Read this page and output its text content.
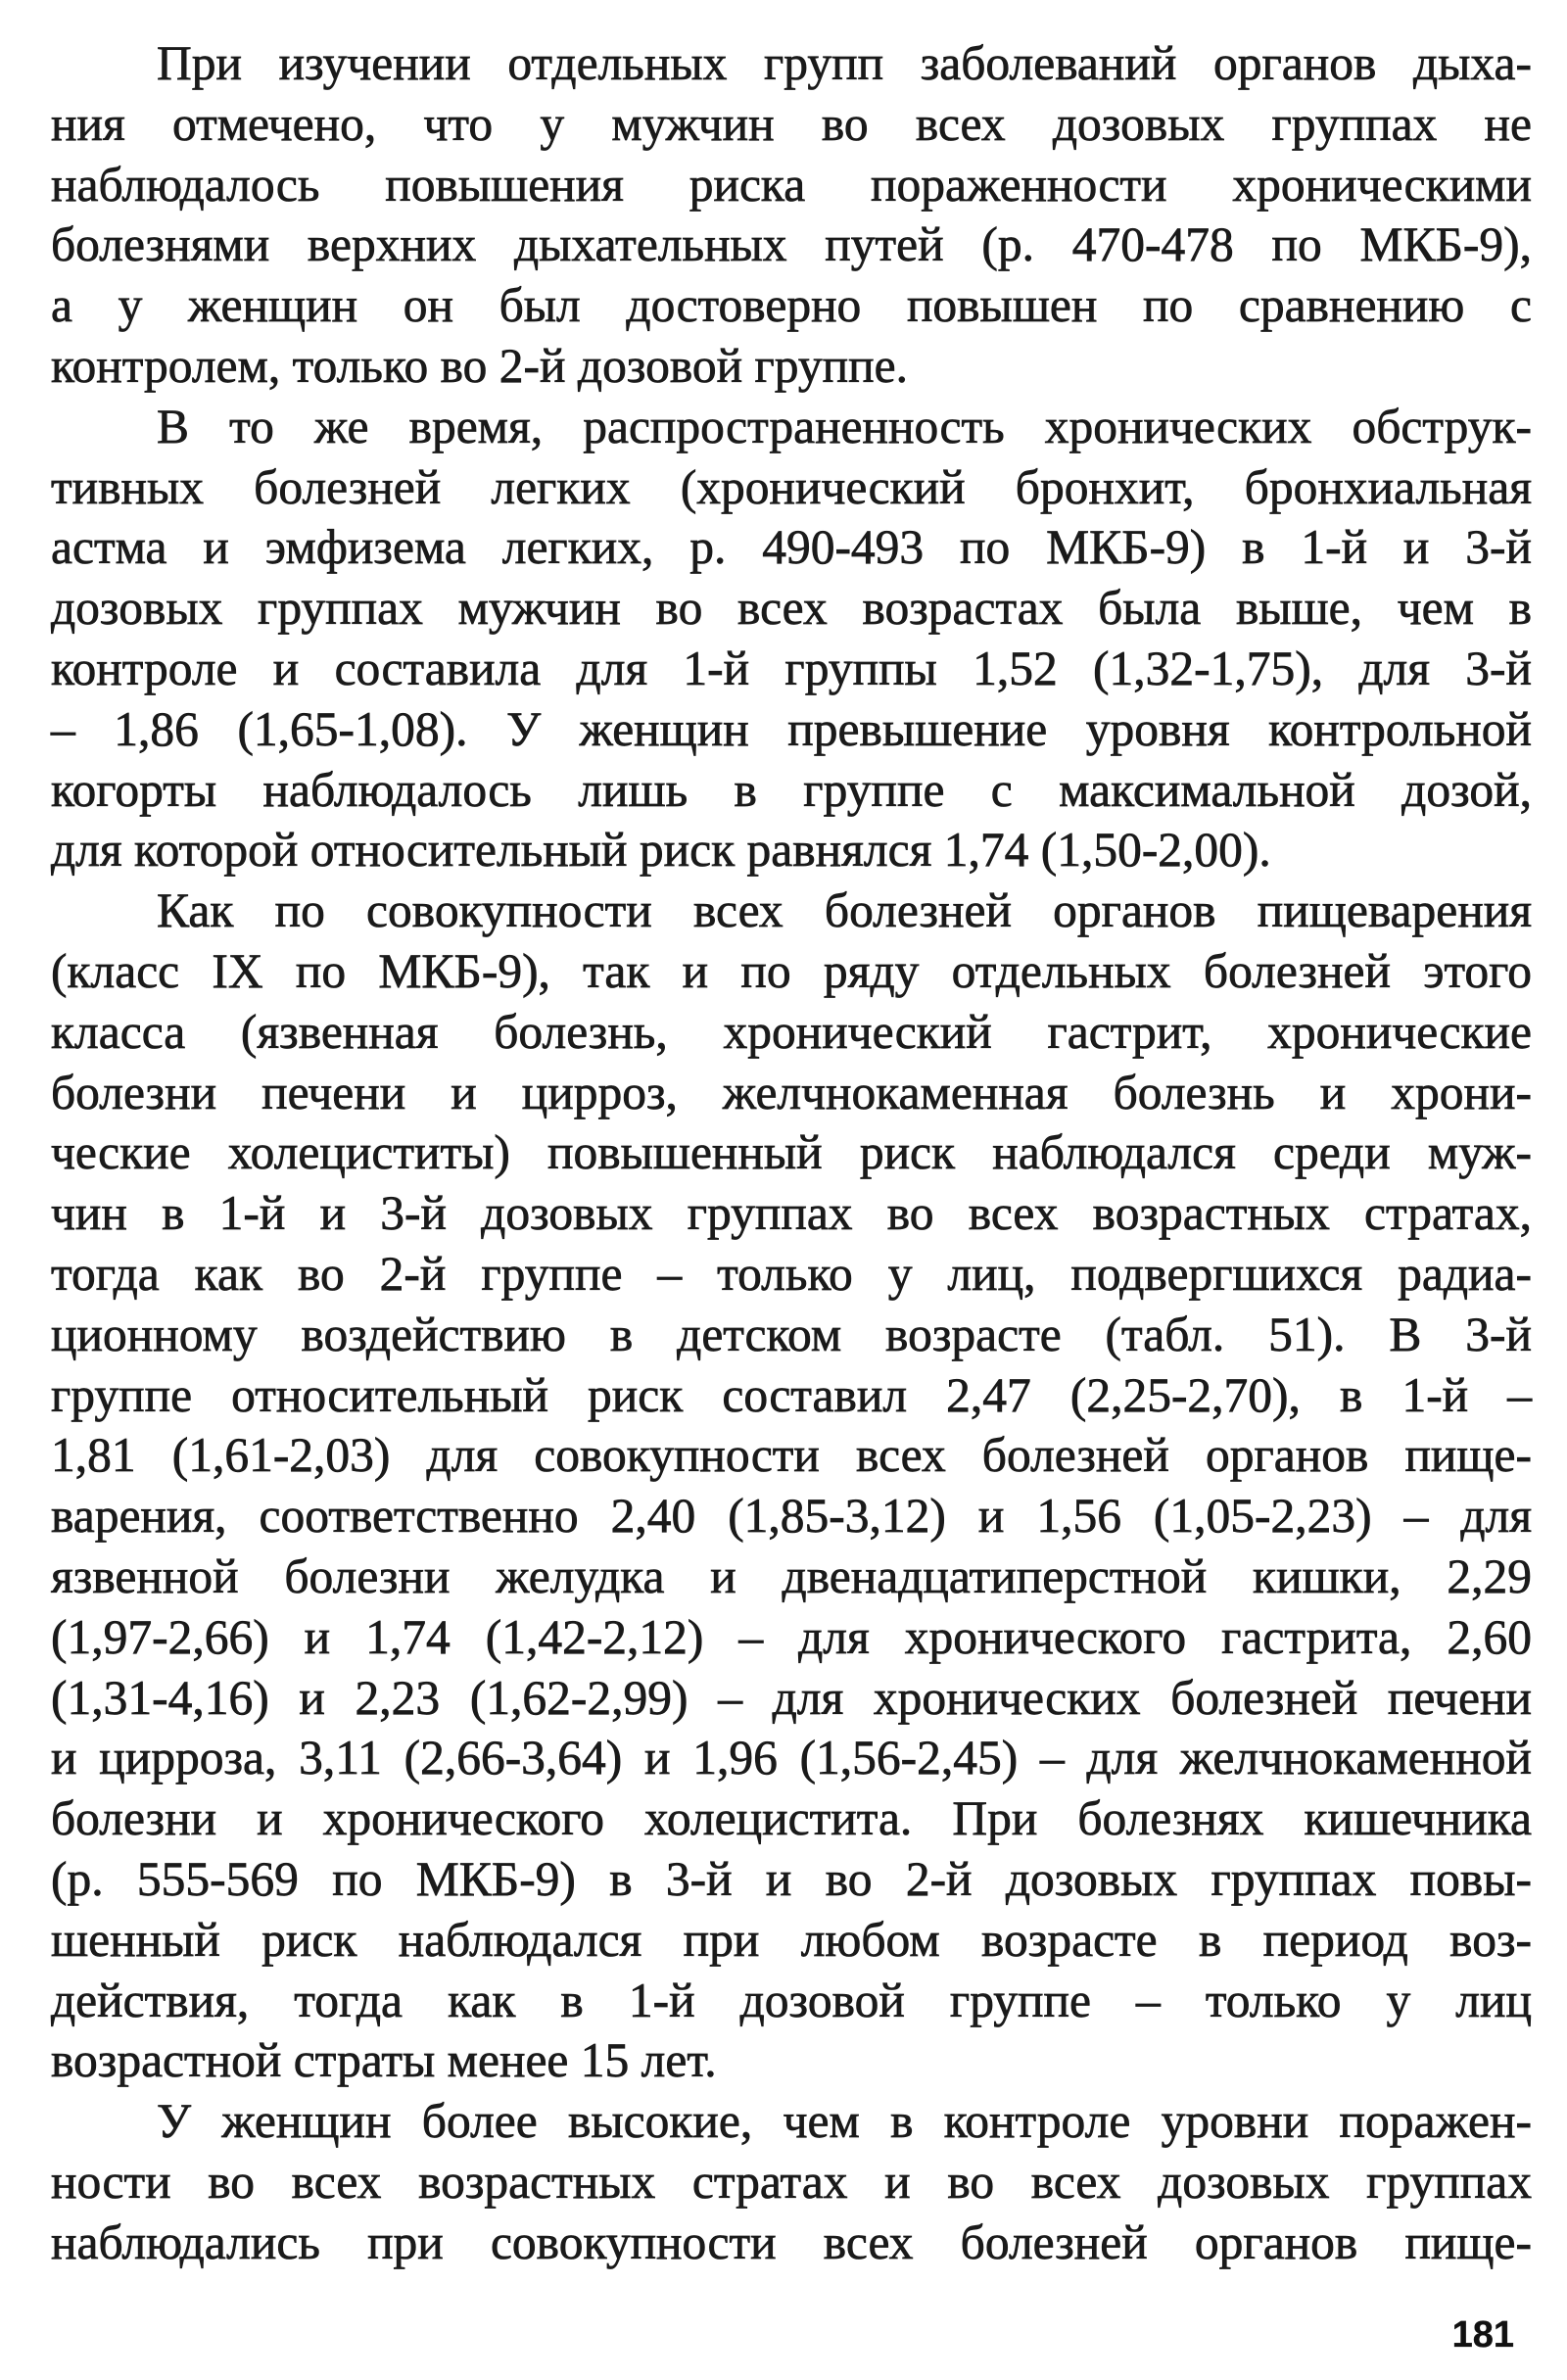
При изучении отдельных групп заболеваний органов дыха-
ния отмечено, что у мужчин во всех дозовых группах не
наблюдалось повышения риска пораженности хроническими
болезнями верхних дыхательных путей (р. 470-478 по МКБ-9),
а у женщин он был достоверно повышен по сравнению с
контролем, только во 2-й дозовой группе.
В то же время, распространенность хронических обструк-
тивных болезней легких (хронический бронхит, бронхиальная
астма и эмфизема легких, р. 490-493 по МКБ-9) в 1-й и 3-й
дозовых группах мужчин во всех возрастах была выше, чем в
контроле и составила для 1-й группы 1,52 (1,32-1,75), для 3-й
– 1,86 (1,65-1,08). У женщин превышение уровня контрольной
когорты наблюдалось лишь в группе с максимальной дозой,
для которой относительный риск равнялся 1,74 (1,50-2,00).
Как по совокупности всех болезней органов пищеварения
(класс IX по МКБ-9), так и по ряду отдельных болезней этого
класса (язвенная болезнь, хронический гастрит, хронические
болезни печени и цирроз, желчнокаменная болезнь и хрони-
ческие холециститы) повышенный риск наблюдался среди муж-
чин в 1-й и 3-й дозовых группах во всех возрастных стратах,
тогда как во 2-й группе – только у лиц, подвергшихся радиа-
ционному воздействию в детском возрасте (табл. 51). В 3-й
группе относительный риск составил 2,47 (2,25-2,70), в 1-й –
1,81 (1,61-2,03) для совокупности всех болезней органов пище-
варения, соответственно 2,40 (1,85-3,12) и 1,56 (1,05-2,23) – для
язвенной болезни желудка и двенадцатиперстной кишки, 2,29
(1,97-2,66) и 1,74 (1,42-2,12) – для хронического гастрита, 2,60
(1,31-4,16) и 2,23 (1,62-2,99) – для хронических болезней печени
и цирроза, 3,11 (2,66-3,64) и 1,96 (1,56-2,45) – для желчнокаменной
болезни и хронического холецистита. При болезнях кишечника
(р. 555-569 по МКБ-9) в 3-й и во 2-й дозовых группах повы-
шенный риск наблюдался при любом возрасте в период воз-
действия, тогда как в 1-й дозовой группе – только у лиц
возрастной страты менее 15 лет.
У женщин более высокие, чем в контроле уровни поражен-
ности во всех возрастных стратах и во всех дозовых группах
наблюдались при совокупности всех болезней органов пище-
181
